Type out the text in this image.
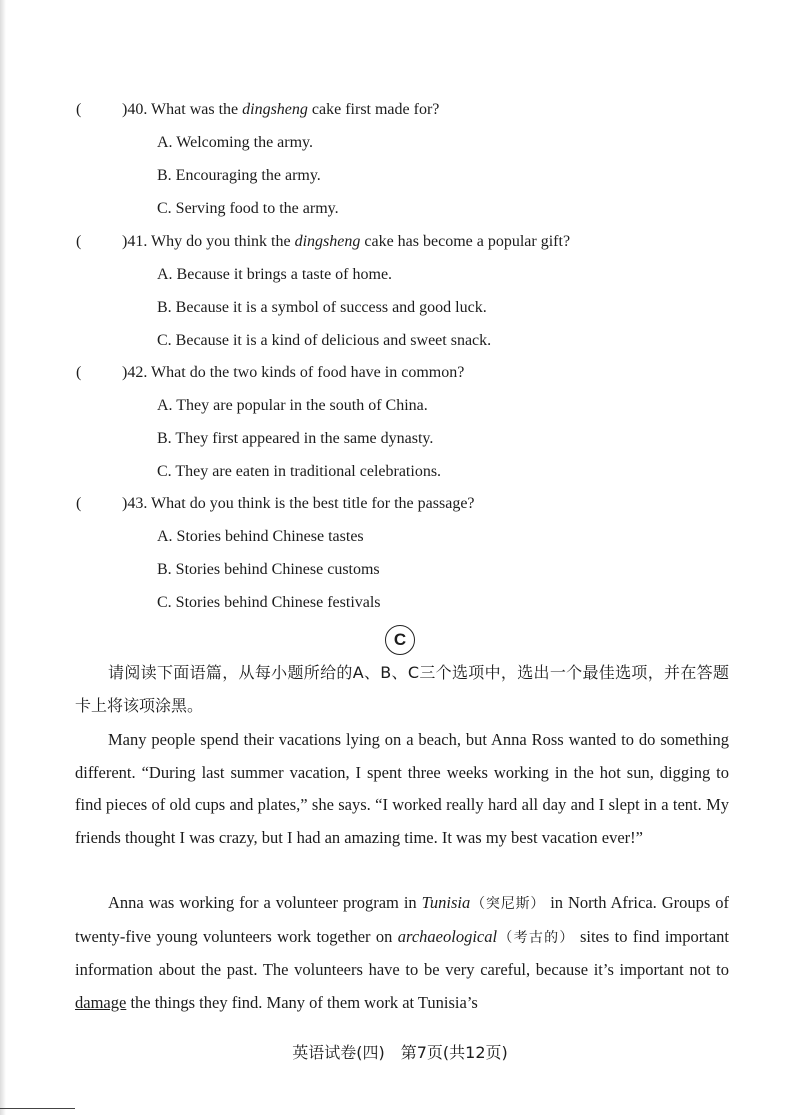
(	)40. What was the dingsheng cake first made for?
A. Welcoming the army.
B. Encouraging the army.
C. Serving food to the army.
(	)41. Why do you think the dingsheng cake has become a popular gift?
A. Because it brings a taste of home.
B. Because it is a symbol of success and good luck.
C. Because it is a kind of delicious and sweet snack.
(	)42. What do the two kinds of food have in common?
A. They are popular in the south of China.
B. They first appeared in the same dynasty.
C. They are eaten in traditional celebrations.
(	)43. What do you think is the best title for the passage?
A. Stories behind Chinese tastes
B. Stories behind Chinese customs
C. Stories behind Chinese festivals
C

请阅读下面语篇，从每小题所给的A、B、C三个选项中，选出一个最佳选项，并在答题卡上将该项涂黑。

Many people spend their vacations lying on a beach, but Anna Ross wanted to do something different. “During last summer vacation, I spent three weeks working in the hot sun, digging to find pieces of old cups and plates,” she says. “I worked really hard all day and I slept in a tent. My friends thought I was crazy, but I had an amazing time. It was my best vacation ever!”

Anna was working for a volunteer program in Tunisia（突尼斯） in North Africa. Groups of twenty-five young volunteers work together on archaeological（考古的） sites to find important information about the past. The volunteers have to be very careful, because it’s important not to damage the things they find. Many of them work at Tunisia’s

英语试卷(四)　第7页(共12页)
